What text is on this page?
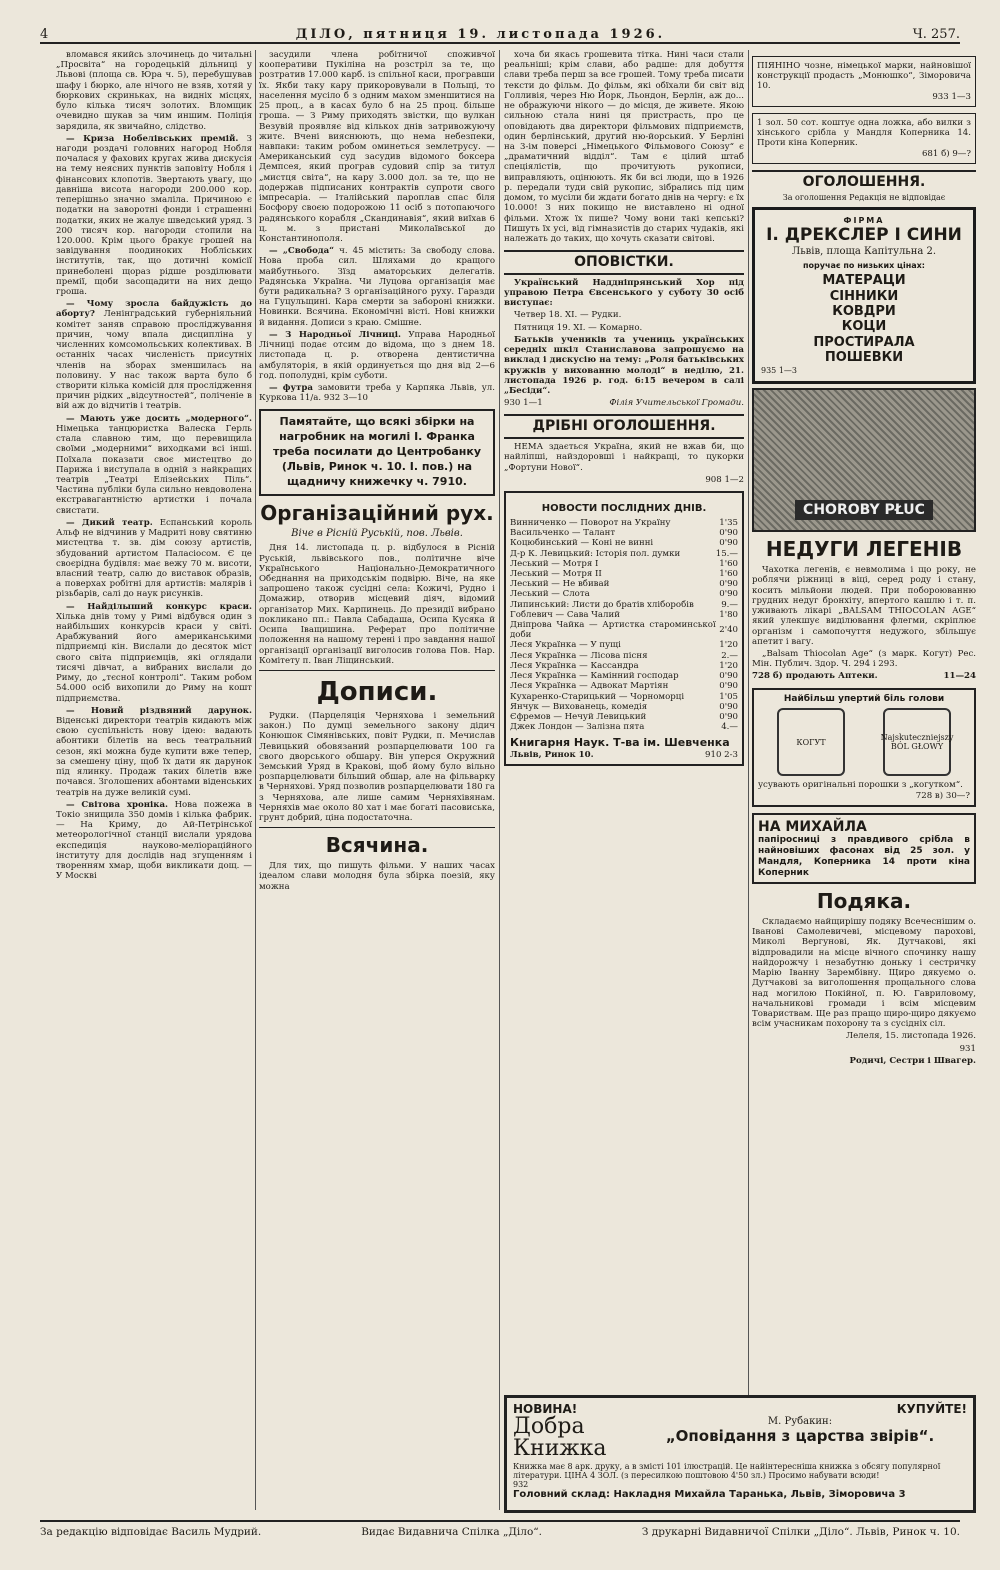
4	ДІЛО, пятниця 19. листопада 1926.	Ч. 257.

вломався якийсь злочинець до читальні „Просвіта“ на городецькій дільниці у Львові (площа св. Юра ч. 5), перебушував шафу і бюрко, але нічого не взяв, хотяй у бюркових скриньках, на видніх місцях, було кілька тисяч золотих. Вломщик очевидно шукав за чим иншим. Поліція зарядила, як звичайно, слідство.

— Криза Нобелівських премій. З нагоди роздачі головних нагород Нобля почалася у фахових кругах жива дискусія на тему неясних пунктів заповіту Нобля і фінансових клопотів. Звертають увагу, що давніша висота нагороди 200.000 кор. теперішньо значно змаліла. Причиною є податки на заворотні фонди і страшенні податки, яких не жалує шведський уряд. З 200 тисяч кор. нагороди стопили на 120.000. Крім цього бракує грошей на завідування поодиноких Нобліських інститутів, так, що дотичні комісії принеболені щораз рідше роздiлювати премії, щоби засощадити на них дещо гроша.

— Чому зросла байдужість до аборту? Ленінградський губерніяльний комітет заняв справою проcліджування причин, чому впала дисципліна у численних комсомольських колективах. В останніх часах численість присутніх членів на зборах зменшилась на половину. У нас також варта було б створити кілька комісій для проcлідження причин рідких „відсутностей“, поліченіе в вій аж до відчитів і театрів.

— Мають уже досить „модерного“. Німецька танцюристка Валеска Герль стала славною тим, що перевищила своїми „модерними“ виходками всі інші. Поїхала показати своє мистецтво до Парижа і виступала в одній з найкращих театрів „Театрі Елізейських Піль“. Частина публіки була сильно невдоволена екстравагантністю артистки і почала свистати.

— Дикий театр. Еспанський король Альф не відчинив у Мадриті нову святиню мистецтва т. зв. дім союзу артистів, збудований артистом Палаcіосом. Є це своєрідна будівля: має вежу 70 м. висоти, власний театр, салю до виставок образів, а поверхах робітні для артистів: малярів і різьбарів, салі до наук рисунків.

— Найділыший конкурс краси. Хілька днів тому у Римі відбувся один з найбільших конкурсів краси у світі. Арабжуваний його американськими підприємці кін. Вислали до десяток міст свого світа пiдприємців, які оглядали тисячі дівчат, а вибраних вислали до Риму, до „тєсної контролі“. Таким робом 54.000 осіб вихопили до Риму на кошт підприємства.

— Новий різдвяний дарунок. Віденські директори театрів кидають між свою суспільність нову ідею: вадають абонтики білетів на весь театральний сезон, які можна буде купити вже тепер, за смешену ціну, щоб їх дати як дарунок під ялинку. Продаж таких білетів вже почався. Зголошених абонтами віденських театрів на дуже великій сумі.

— Світова хроніка. Нова пожежа в Токіо знищила 350 домів і кілька фабрик. — На Криму, до Ай-Петрінської метеорологічної станції вислали урядова експедиція науково-меліораційного інституту для дослідів над згущенням і творенням хмар, щоби викликати дощ. — У Москві

засудили члена робітничої споживчої кооперативи Пукіліна на розстріл за те, що розтратив 17.000 карб. із спільної каси, програвши їх. Якби таку кару прикоровували в Польщі, то населення мусіло б з одним махом зменшитися на 25 проц., а в касах було б на 25 проц. більше гроша. — З Риму приходять звістки, що вулкан Везувій проявляє від кількох днів затривожуючу житє. Вчені вияснюють, що нема небезпеки, навпаки: таким робом оминеться землетрусу. — Американський суд засудив відомого боксера Демпсея, який програв судовий спір за титул „мистця світа“, на кару 3.000 дол. за те, що не додержав підписаних контрактів супроти свого імпресаріа. — Італійський пароплав спас біля Босфору своєю подорожою 11 осіб з потопаючого радянського корабля „Скандинавія“, який виїхав 6 ц. м. з пристані Миколаївської до Константинополя.

— „Свобода“ ч. 45 містить: За свободу слова. Нова проба сил. Шляхами до кращого майбутнього. Зїзд аматорських делегатів. Радянська Україна. Чи Луцова організація має бути радикальна? З організаційного руху. Гаразди на Гуцульщині. Кара смерти за забороні книжки. Новинки. Всячина. Економічні вісті. Нові книжки й видання. Дописи з краю. Смішне.

— З Народньої Лічниці. Управа Народньої Лічниці подає отсим до відома, що з днем 18. листопада ц. р. отворена дентистична амбуляторія, в якій ординується що дня від 2—6 год. пополудні, крім суботи.

— футра замовити треба у Карпяка Львів, ул. Куркова 11/а. 932 3—10

Памятайте, що всякі збірки на нагробник на могилі І. Франка треба посилати до Центробанку (Львів, Ринок ч. 10. І. пов.) на щадничу книжечку ч. 7910.
Організаційний рух.
Віче в Рісній Руській, пов. Львів.

Дня 14. листопада ц. р. відбулося в Рісній Руській, львівського пов., політичне віче Українського Національно-Демократичного Обєднання на приходськім подвірю. Віче, на яке запрошено також сусідні села: Кожичі, Рудно і Домажир, отворив місцевий діяч, відомий організатор Мих. Карпинець. До президії вибрано покликано пп.: Павла Сабадаша, Осипа Кусяка й Осипа Іващишина. Реферат про політичне положення на нашому терені і про завдання нашої організації організації виголосив голова Пов. Нар. Комітету п. Іван Ліщинський.

Дописи.

Рудки. (Парцеляція Черняхова і земельний закон.) По думці земельного закону дідич Конюшок Сімянівських, повіт Рудки, п. Мечислав Левицький обовязаний розпарцелювати 100 га свого дворського обшару. Він уперся Окружний Земський Уряд в Кракові, щоб йому було вільно розпарцелювати більший обшар, але на фільварку в Черняхові. Уряд позволив розпарцелювати 180 га з Черняхова, але лише самим Черняхівянам. Черняхів має около 80 хат і має богаті пасовиська, грунт добрий, ціна подостаточна.

Всячина.

Для тих, що пишуть фільми. У наших часах ідеалом слави молодня була збірка поезій, яку можна

хоча би якась грошевита тітка. Нині часи стали реальнішi; крім слави, або радше: для добуття слави треба перш за все грошей. Тому треба писати тексти до фільм. До фільм, які обїхали би світ від Голливія, через Ню Йорк, Льондон, Берлін, аж до... не ображуючи нікого — до місця, де живете. Якою сильною стала нині ця пристрасть, про це оповідають два директори фільмових підприємств, один берлінський, другий ню-йорський. У Берліні на 3-ім поверсі „Німецького Фільмового Союзу“ є „драматичний відділ“. Там є цілий штаб спеціялістів, що прочитують рукописи, виправляють, оцінюють. Як би всі люди, що в 1926 р. передали туди свій рукопис, зібрались під цим домом, то мусіли би ждати богато днів на чергу: є їх 10.000! З них покищо не виставлено ні одної фільми. Хтож їх пише? Чому вони такі кепські? Пишуть їх усі, від гімназистів до старих чудаків, які належать до таких, що хочуть сказати світові.

ОПОВІСТКИ.

Український Наддніпрянський Хор під управою Петра Євсенського у суботу 30 осіб виступає:

Четвер 18. XI. — Рудки.

Пятниця 19. XI. — Комарно.

Батьків учеників та учениць українських середніх шкіл Станиславова запрошуємо на виклад і дискусію на тему: „Роля батьківських кружків у вихованню молоді“ в неділю, 21. листопада 1926 р. год. 6:15 вечером в салі „Бесіди“.

930 1—1	Філія Учительської Громади.

ДРІБНІ ОГОЛОШЕННЯ.

НЕМА здається Україна, який не вжав би, що найліпші, найздоровші і найкращі, то цукорки „Фортуни Нової“.

908 1—2

НОВОСТИ ПОСЛІДНИХ ДНІВ.
Винниченко — Поворот на Україну	1'35
Васильченко — Талант	0'90
Коцюбинський — Коні не винні	0'90
Д-р К. Левицький: Історія пол. думки	15.—
Леський — Мотря І	1'60
Леський — Мотря ІІ	1'60
Леський — Не вбивай	0'90
Леський — Слота	0'90
Липинський: Листи до братів хліборобів	9.—
Гоблевич — Сава Чалий	1'80
Дніпрова Чайка — Артистка староминської доби	2'40
Леся Українка — У пущі	1'20
Леся Українка — Лісова пісня	2.—
Леся Українка — Кассандра	1'20
Леся Українка — Камінний господар	0'90
Леся Українка — Адвокат Мартіян	0'90
Кухаренко-Старицький — Чорноморці	1'05
Янчук — Вихованець, комедія	0'90
Єфремов — Нечуй Левицький	0'90
Джек Лондон — Залізна пята	4.—
Книгарня Наук. Т-ва ім. Шевченка
Львів, Ринок 10.	910 2-3
ПІЯНІНО чозне, німецької марки, найновішої конструкції продасть „Монюшко“, Зіморовича 10.
933 1—3
1 зол. 50 сот. коштує одна ложка, або вилки з хінського срібла у Мандля Коперника 14. Проти кіна Коперник.
681 б) 9—?
ОГОЛОШЕННЯ.
За оголошення Редакція не відповідає
ФІРМА
І. ДРЕКСЛЕР І СИНИ
Львів, площа Капітульна 2.
поручає по низьких цінах:
МАТЕРАЦИ
СІННИКИ
КОВДРИ
КОЦИ
ПРОСТИРАЛА
ПОШЕВКИ
935 1—3
CHOROBY PŁUC
НЕДУГИ ЛЕГЕНІВ

Чахотка легенів, є невмолима і що року, не роблячи ріжниці в віці, серед роду і стану, косить мільйони людей. При побороюванню грудних недуг бронхіту, впертого кашлю і т. п. уживають лікарі „BALSAM THIOCOLAN AGE“ який улекшує видiлювання флегми, скріплює організм і самопочуття недужого, збільшує апетит і вагу.

„Balsam Thiocolan Age“ (з марк. Когут) Рес. Мін. Публич. Здор. Ч. 294 і 293.

728 б) продають Аптеки.	11—24

Найбільш упертий біль голови
КОГУТ
Najskuteczniejszy BÓL GŁOWY
усувають оригінальні порошки з „когутком“.
728 в) 30—?
НА МИХАЙЛА
папіросниці з правдивого срібла в найновіших фасонах від 25 зол. у Мандля, Коперника 14 проти кіна Коперник
Подяка.

Складаємо найщирішу подяку Всечеснішим о. Іванові Самолевичеві, місцевому парохові, Миколі Вергунові, Як. Дутчакові, які відпровадили на місце вічного спочинку нашу найдорожчу і незабутню доньку і сестричку Марію Іванну Зарембівну. Щиро дякуємо о. Дутчакові за виголошення прощального слова над могилою Покійної, п. Ю. Гавриловому, начальникові громади і всім місцевим Товариствам. Ще раз пращо щиро-щиро дякуємо всім учасникам похорону та з сусідніх сіл.

Лелеля, 15. листопада 1926.

931

Родичі, Сестри і Швагер.

НОВИНА!	КУПУЙТЕ!
Добра Книжка
М. Рубакин:
„Оповідання з царства звірів“.
Книжка має 8 арк. друку, а в змісті 101 ілюстрацій. Це найінтересніша книжка з обсягу популярної літератури. ЦІНА 4 ЗОЛ. (з пересилкою поштовою 4'50 зл.) Просимо набувати всюди!
932
Головний склад: Накладня Михайла Таранька, Львів, Зіморовича 3
За редакцію відповідає Василь Мудрий.	Видає Видавнича Спілка „Діло“.	З друкарні Видавничої Спілки „Діло“. Львів, Ринок ч. 10.
